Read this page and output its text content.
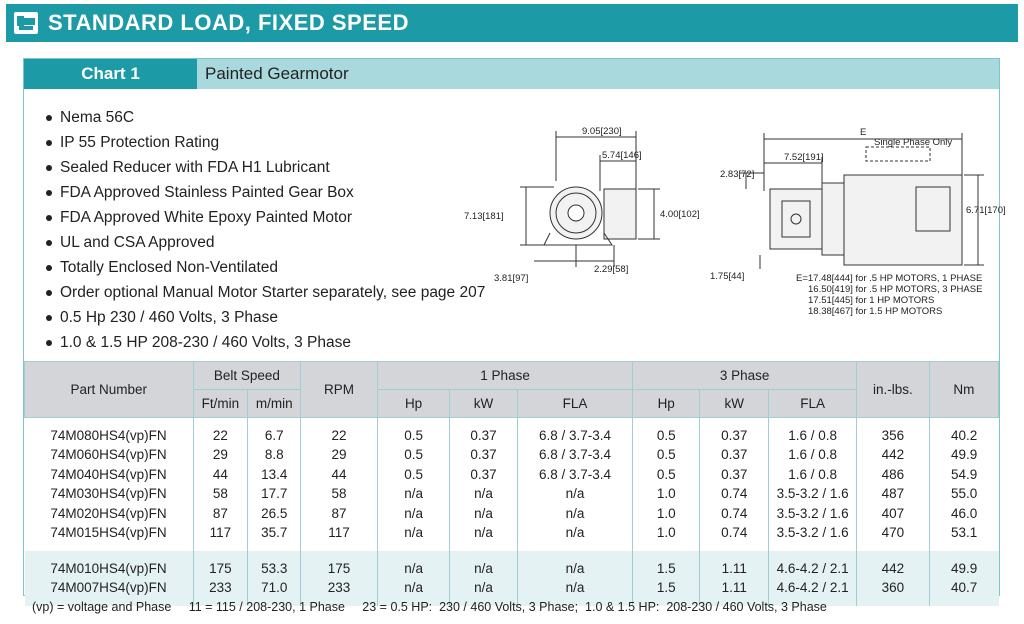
STANDARD LOAD, FIXED SPEED
Chart 1	Painted Gearmotor
Nema 56C
IP 55 Protection Rating
Sealed Reducer with FDA H1 Lubricant
FDA Approved Stainless Painted Gear Box
FDA Approved White Epoxy Painted Motor
UL and CSA Approved
Totally Enclosed Non-Ventilated
Order optional Manual Motor Starter separately, see page 207
0.5 Hp 230 / 460 Volts, 3 Phase
1.0 & 1.5 HP 208-230 / 460 Volts, 3 Phase
9.05[230]
5.74[146]
7.13[181]	4.00[102]
3.81[97]
2.29[58]
E
Single Phase Only
7.52[191]
2.83[72]
6.71[170]
1.75[44]	E=17.48[444] for .5 HP MOTORS, 1 PHASE
16.50[419] for .5 HP MOTORS, 3 PHASE
17.51[445] for 1 HP MOTORS
18.38[467] for 1.5 HP MOTORS
Part Number	Belt Speed		RPM	1 Phase			3 Phase			in.-lbs.	Nm
	Ft/min	m/min		Hp	kW	FLA	Hp	kW	FLA		

74M080HS4(vp)FN	22	6.7	22	0.5	0.37	6.8 / 3.7-3.4	0.5	0.37	1.6 / 0.8	356	40.2
74M060HS4(vp)FN	29	8.8	29	0.5	0.37	6.8 / 3.7-3.4	0.5	0.37	1.6 / 0.8	442	49.9
74M040HS4(vp)FN	44	13.4	44	0.5	0.37	6.8 / 3.7-3.4	0.5	0.37	1.6 / 0.8	486	54.9
74M030HS4(vp)FN	58	17.7	58	n/a	n/a	n/a	1.0	0.74	3.5-3.2 / 1.6	487	55.0
74M020HS4(vp)FN	87	26.5	87	n/a	n/a	n/a	1.0	0.74	3.5-3.2 / 1.6	407	46.0
74M015HS4(vp)FN	117	35.7	117	n/a	n/a	n/a	1.0	0.74	3.5-3.2 / 1.6	470	53.1

74M010HS4(vp)FN	175	53.3	175	n/a	n/a	n/a	1.5	1.11	4.6-4.2 / 2.1	442	49.9
74M007HS4(vp)FN	233	71.0	233	n/a	n/a	n/a	1.5	1.11	4.6-4.2 / 2.1	360	40.7

(vp) = voltage and Phase     11 = 115 / 208-230, 1 Phase     23 = 0.5 HP:  230 / 460 Volts, 3 Phase;  1.0 & 1.5 HP:  208-230 / 460 Volts, 3 Phase
